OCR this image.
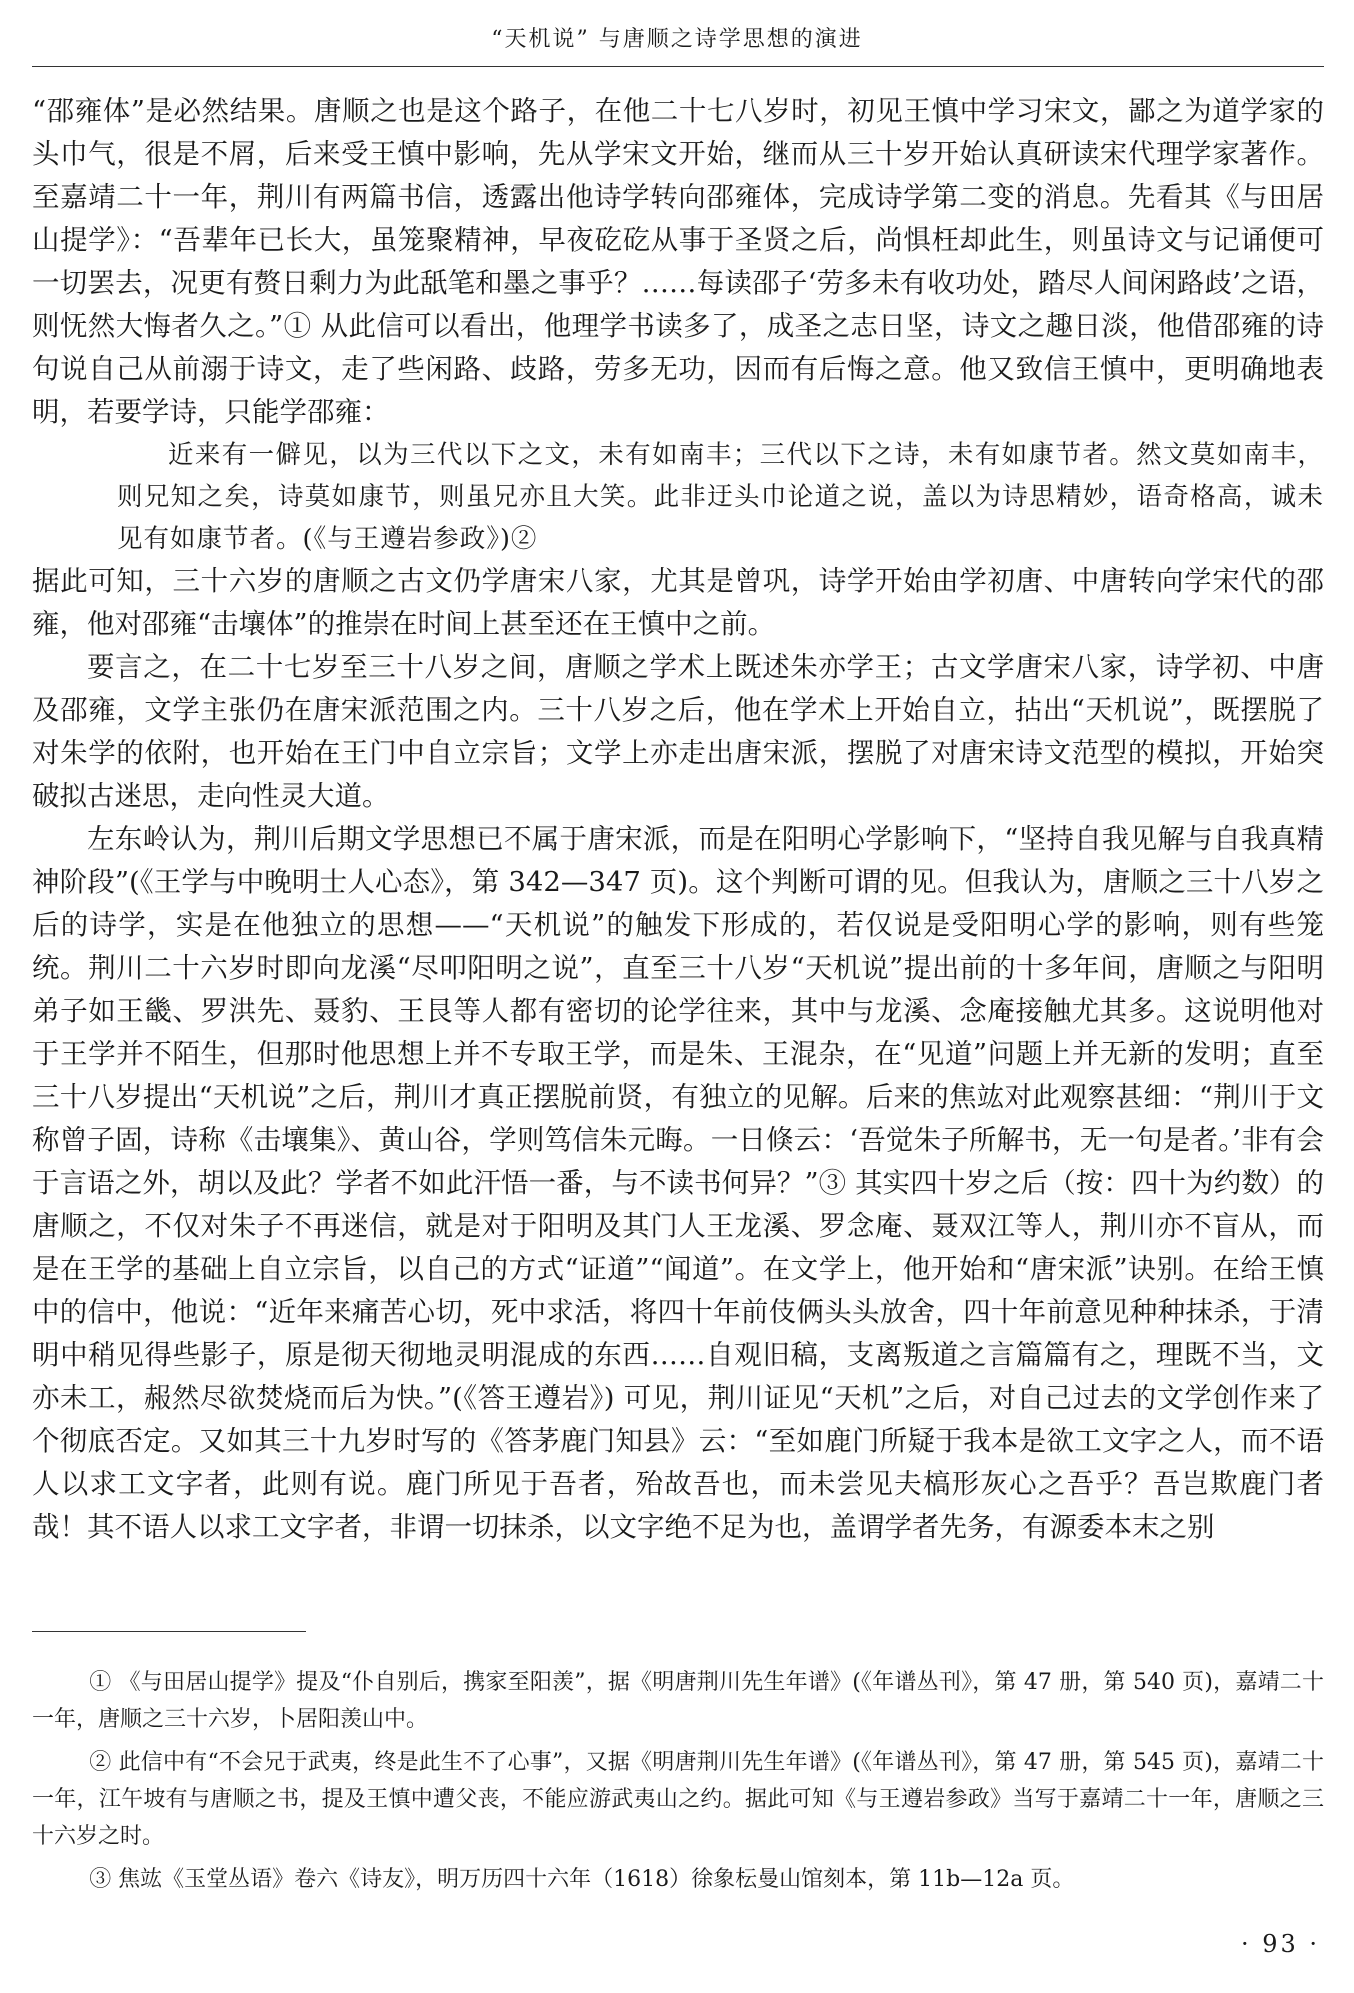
“天机说” 与唐顺之诗学思想的演进

“邵雍体”是必然结果。唐顺之也是这个路子，在他二十七八岁时，初见王慎中学习宋文，鄙之为道学家的头巾气，很是不屑，后来受王慎中影响，先从学宋文开始，继而从三十岁开始认真研读宋代理学家著作。至嘉靖二十一年，荆川有两篇书信，透露出他诗学转向邵雍体，完成诗学第二变的消息。先看其《与田居山提学》：“吾辈年已长大，虽笼聚精神，早夜矻矻从事于圣贤之后，尚惧枉却此生，则虽诗文与记诵便可一切罢去，况更有赘日剩力为此舐笔和墨之事乎？……每读邵子‘劳多未有收功处，踏尽人间闲路歧’之语，则怃然大悔者久之。”① 从此信可以看出，他理学书读多了，成圣之志日坚，诗文之趣日淡，他借邵雍的诗句说自己从前溺于诗文，走了些闲路、歧路，劳多无功，因而有后悔之意。他又致信王慎中，更明确地表明，若要学诗，只能学邵雍：

近来有一僻见，以为三代以下之文，未有如南丰；三代以下之诗，未有如康节者。然文莫如南丰，则兄知之矣，诗莫如康节，则虽兄亦且大笑。此非迂头巾论道之说，盖以为诗思精妙，语奇格高，诚未见有如康节者。(《与王遵岩参政》)②

据此可知，三十六岁的唐顺之古文仍学唐宋八家，尤其是曾巩，诗学开始由学初唐、中唐转向学宋代的邵雍，他对邵雍“击壤体”的推崇在时间上甚至还在王慎中之前。

要言之，在二十七岁至三十八岁之间，唐顺之学术上既述朱亦学王；古文学唐宋八家，诗学初、中唐及邵雍，文学主张仍在唐宋派范围之内。三十八岁之后，他在学术上开始自立，拈出“天机说”，既摆脱了对朱学的依附，也开始在王门中自立宗旨；文学上亦走出唐宋派，摆脱了对唐宋诗文范型的模拟，开始突破拟古迷思，走向性灵大道。

左东岭认为，荆川后期文学思想已不属于唐宋派，而是在阳明心学影响下，“坚持自我见解与自我真精神阶段”(《王学与中晚明士人心态》，第 342—347 页)。这个判断可谓的见。但我认为，唐顺之三十八岁之后的诗学，实是在他独立的思想——“天机说”的触发下形成的，若仅说是受阳明心学的影响，则有些笼统。荆川二十六岁时即向龙溪“尽叩阳明之说”，直至三十八岁“天机说”提出前的十多年间，唐顺之与阳明弟子如王畿、罗洪先、聂豹、王艮等人都有密切的论学往来，其中与龙溪、念庵接触尤其多。这说明他对于王学并不陌生，但那时他思想上并不专取王学，而是朱、王混杂，在“见道”问题上并无新的发明；直至三十八岁提出“天机说”之后，荆川才真正摆脱前贤，有独立的见解。后来的焦竑对此观察甚细：“荆川于文称曾子固，诗称《击壤集》、黄山谷，学则笃信朱元晦。一日倏云：‘吾觉朱子所解书，无一句是者。’非有会于言语之外，胡以及此？学者不如此汗悟一番，与不读书何异？”③ 其实四十岁之后（按：四十为约数）的唐顺之，不仅对朱子不再迷信，就是对于阳明及其门人王龙溪、罗念庵、聂双江等人，荆川亦不盲从，而是在王学的基础上自立宗旨，以自己的方式“证道”“闻道”。在文学上，他开始和“唐宋派”诀别。在给王慎中的信中，他说：“近年来痛苦心切，死中求活，将四十年前伎俩头头放舍，四十年前意见种种抹杀，于清明中稍见得些影子，原是彻天彻地灵明混成的东西……自观旧稿，支离叛道之言篇篇有之，理既不当，文亦未工，赧然尽欲焚烧而后为快。”(《答王遵岩》) 可见，荆川证见“天机”之后，对自己过去的文学创作来了个彻底否定。又如其三十九岁时写的《答茅鹿门知县》云：“至如鹿门所疑于我本是欲工文字之人，而不语人以求工文字者，此则有说。鹿门所见于吾者，殆故吾也，而未尝见夫槁形灰心之吾乎？吾岂欺鹿门者哉！其不语人以求工文字者，非谓一切抹杀，以文字绝不足为也，盖谓学者先务，有源委本末之别

① 《与田居山提学》提及“仆自别后，携家至阳羡”，据《明唐荆川先生年谱》(《年谱丛刊》，第 47 册，第 540 页)，嘉靖二十一年，唐顺之三十六岁，卜居阳羡山中。

② 此信中有“不会兄于武夷，终是此生不了心事”，又据《明唐荆川先生年谱》(《年谱丛刊》，第 47 册，第 545 页)，嘉靖二十一年，江午坡有与唐顺之书，提及王慎中遭父丧，不能应游武夷山之约。据此可知《与王遵岩参政》当写于嘉靖二十一年，唐顺之三十六岁之时。

③ 焦竑《玉堂丛语》卷六《诗友》，明万历四十六年（1618）徐象枟曼山馆刻本，第 11b—12a 页。

· 93 ·
